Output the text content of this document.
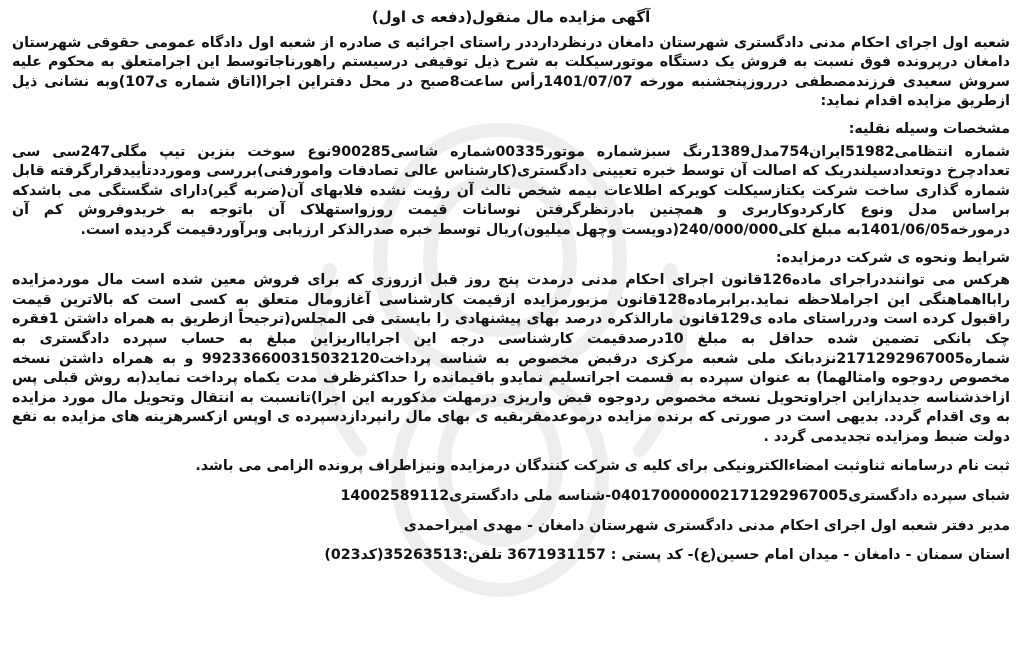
آگهی مزایده مال منقول(دفعه ی اول)

شعبه اول اجرای احکام مدنی دادگستری شهرستان دامغان درنظردارددر راستای اجرائیه ی صادره از شعبه اول دادگاه عمومی حقوقی شهرستان دامغان درپرونده فوق نسبت به فروش یک دستگاه موتورسیکلت به شرح ذیل توقیفی درسیستم راهورناجاتوسط این اجرامتعلق به محکوم علیه سروش سعیدی فرزندمصطفی درروزپنجشنبه مورخه 1401/07/07رأس ساعت8صبح در محل دفتراین اجرا(اتاق شماره ی107)وبه نشانی ذیل ازطریق مزایده اقدام نماید:

مشخصات وسیله نقلیه:

شماره انتظامی51982ایران754مدل1389رنگ سبزشماره موتور00335شماره شاسی900285نوع سوخت بنزین تیپ مگلی247سی سی تعدادچرخ دوتعدادسیلندریک که اصالت آن توسط خبره تعیینی دادگستری(کارشناس عالی تصادفات وامورفنی)بررسی ومورددتأییدقرارگرفته قابل شماره گذاری ساخت شرکت یکتازسیکلت کویرکه اطلاعات بیمه شخص ثالث آن رؤیت نشده فلابهای آن(ضربه گیر)دارای شگستگی می باشدکه براساس مدل ونوع کارکردوکاربری و همچنین بادرنظرگرفتن نوسانات قیمت روزواستهلاک آن باتوجه به خریدوفروش کم آن درمورخه1401/06/05به مبلغ کلی240/000/000(دویست وچهل میلیون)ریال توسط خبره صدرالذکر ارزیابی وبرآوردقیمت گردیده است.

شرایط ونحوه ی شرکت درمزایده:

هرکس می تواننددراجرای ماده126قانون اجرای احکام مدنی درمدت پنج روز قبل ازروزی که برای فروش معین شده است مال موردمزایده رابااهماهنگی این اجراملاحظه نماید.برابرماده128قانون مزبورمزایده ازقیمت کارشناسی آغازومال متعلق به کسی است که بالاترین قیمت راقبول کرده است ودرراستای ماده ی129قانون مارالذکره درصد بهای پیشنهادی را بایستی فی المجلس(ترجیحاً ازطریق به همراه داشتن 1فقره چک بانکی تضمین شده حداقل به مبلغ 10درصدقیمت کارشناسی درجه این اجرایااریزاین مبلغ به حساب سپرده دادگستری به شماره2171292967005نزدبانک ملی شعبه مرکزی درقبض مخصوص به شناسه پرداخت992336600315032120 و به همراه داشتن نسخه مخصوص ردوجوه وامثالهما) به عنوان سپرده به قسمت اجراتسلیم نمایدو باقیمانده را حداکثرظرف مدت یکماه پرداخت نماید(به روش قبلی پس ازاخذشناسه جدیدازاین اجراوتحویل نسخه مخصوص ردوجوه قبض واریزی درمهلت مذکوربه این اجرا)تانسبت به انتقال وتحویل مال مورد مزایده به وی اقدام گردد. بدیهی است در صورتی که برنده مزایده درموعدمقربقیه ی بهای مال رانپردازدسپرده ی اوپس ازکسرهزینه های مزایده به نفع دولت ضبط ومزایده تجدیدمی گردد .

ثبت نام درسامانه ثناوثبت امضاءالکترونیکی برای کلیه ی شرکت کنندگان درمزایده ونیزاطراف پرونده الزامی می باشد.

شبای سپرده دادگستری040170000002171292967005-شناسه ملی دادگستری14002589112

مدیر دفتر شعبه اول اجرای احکام مدنی دادگستری شهرستان دامغان - مهدی امیراحمدی

استان سمنان - دامغان - میدان امام حسین(ع)- کد پستی : 3671931157 تلفن:35263513(کد023)
